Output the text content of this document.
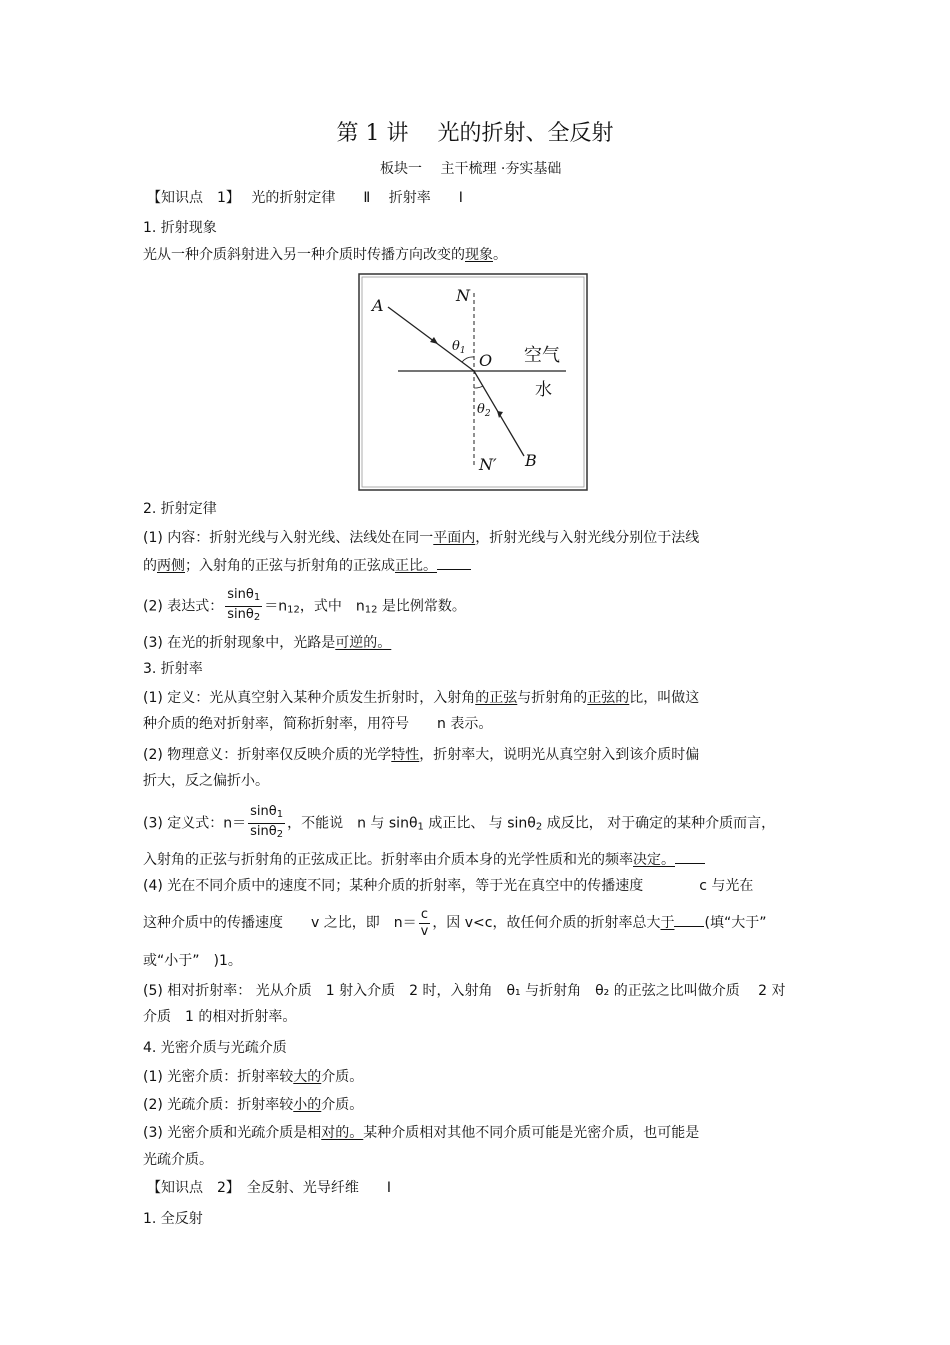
第 1 讲　 光的折射、全反射
板块一　 主干梳理 ·夯实基础
【知识点　1】　 光的折射定律　　Ⅱ　 折射率　　Ⅰ
1. 折射现象
光从一种介质斜射进入另一种介质时传播方向改变的现象。
A
N
$\theta_1$ O 空气
水
$\theta_2$
N′ B
2. 折射定律
(1) 内容：折射光线与入射光线、法线处在同一平面内，折射光线与入射光线分别位于法线
的两侧；入射角的正弦与折射角的正弦成正比。
(2) 表达式： $\frac{\sin\theta_1}{\sin\theta_2} =n_{12}$，式中　$n_{12}$ 是比例常数。
(3) 在光的折射现象中，光路是可逆的。
3. 折射率
(1) 定义：光从真空射入某种介质发生折射时，入射角的正弦与折射角的正弦的比，叫做这
种介质的绝对折射率，简称折射率，用符号　　n 表示。
(2) 物理意义：折射率仅反映介质的光学特性，折射率大，说明光从真空射入到该介质时偏
折大，反之偏折小。
(3) 定义式：$n= \frac{\sin\theta_1}{\sin\theta_2}$ ，不能说　n 与 sinθ$_1$ 成正比、 与 sinθ$_2$ 成反比， 对于确定的某种介质而言，
入射角的正弦与折射角的正弦成正比。折射率由介质本身的光学性质和光的频率决定。
(4) 光在不同介质中的速度不同；某种介质的折射率，等于光在真空中的传播速度　　　　c 与光在
这种介质中的传播速度　　v 之比，即　$n= \frac{c}{v}$ ，因 v<c，故任何介质的折射率总大于 (填“大于”
或“小于”　)1。
(5) 相对折射率： 光从介质　1 射入介质　2 时，入射角　θ₁ 与折射角　θ₂ 的正弦之比叫做介质　 2 对
介质　1 的相对折射率。
4. 光密介质与光疏介质
(1) 光密介质：折射率较大的介质。
(2) 光疏介质：折射率较小的介质。
(3) 光密介质和光疏介质是相对的。某种介质相对其他不同介质可能是光密介质，也可能是
光疏介质。
【知识点　2】　全反射、光导纤维　　Ⅰ
1. 全反射
